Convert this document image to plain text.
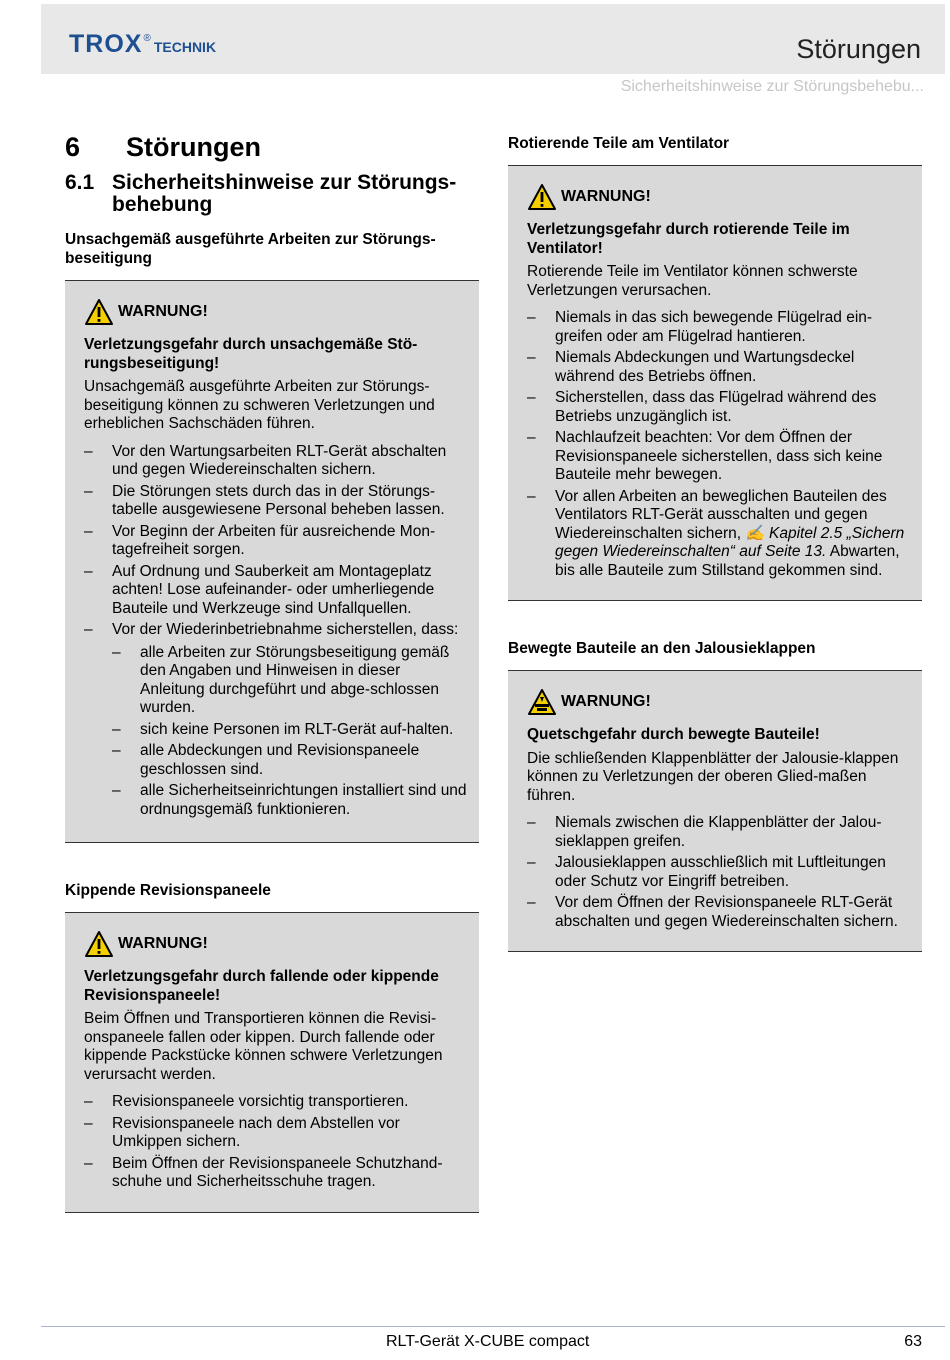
TROX ®
TECHNIK	Störungen
Sicherheitshinweise zur Störungsbehebu...
6	Störungen
6.1 Sicherheitshinweise zur Störungs-behebung
Unsachgemäß ausgeführte Arbeiten zur Störungs-beseitigung
WARNUNG!
Verletzungsgefahr durch unsachgemäße Stö-rungsbeseitigung!
Unsachgemäß ausgeführte Arbeiten zur Störungs-beseitigung können zu schweren Verletzungen und erheblichen Sachschäden führen.
–	Vor den Wartungsarbeiten RLT-Gerät abschalten und gegen Wiedereinschalten sichern.
–	Die Störungen stets durch das in der Störungs-tabelle ausgewiesene Personal beheben lassen.
–	Vor Beginn der Arbeiten für ausreichende Mon-tagefreiheit sorgen.
–	Auf Ordnung und Sauberkeit am Montageplatz achten! Lose aufeinander- oder umherliegende Bauteile und Werkzeuge sind Unfallquellen.
–	Vor der Wiederinbetriebnahme sicherstellen, dass:
–	alle Arbeiten zur Störungsbeseitigung gemäß den Angaben und Hinweisen in dieser Anleitung durchgeführt und abge-schlossen wurden.
–	sich keine Personen im RLT-Gerät auf-halten.
–	alle Abdeckungen und Revisionspaneele geschlossen sind.
–	alle Sicherheitseinrichtungen installiert sind und ordnungsgemäß funktionieren.
Kippende Revisionspaneele
WARNUNG!
Verletzungsgefahr durch fallende oder kippende Revisionspaneele!
Beim Öffnen und Transportieren können die Revisi-onspaneele fallen oder kippen. Durch fallende oder kippende Packstücke können schwere Verletzungen verursacht werden.
–	Revisionspaneele vorsichtig transportieren.
–	Revisionspaneele nach dem Abstellen vor Umkippen sichern.
–	Beim Öffnen der Revisionspaneele Schutzhand-schuhe und Sicherheitsschuhe tragen.
Rotierende Teile am Ventilator
WARNUNG!
Verletzungsgefahr durch rotierende Teile im Ventilator!
Rotierende Teile im Ventilator können schwerste Verletzungen verursachen.
–	Niemals in das sich bewegende Flügelrad ein-greifen oder am Flügelrad hantieren.
–	Niemals Abdeckungen und Wartungsdeckel während des Betriebs öffnen.
–	Sicherstellen, dass das Flügelrad während des Betriebs unzugänglich ist.
–	Nachlaufzeit beachten: Vor dem Öffnen der Revisionspaneele sicherstellen, dass sich keine Bauteile mehr bewegen.
–	Vor allen Arbeiten an beweglichen Bauteilen des Ventilators RLT-Gerät ausschalten und gegen Wiedereinschalten sichern, ✍ Kapitel 2.5 „Sichern gegen Wiedereinschalten“ auf Seite 13. Abwarten, bis alle Bauteile zum Stillstand gekommen sind.
Bewegte Bauteile an den Jalousieklappen
WARNUNG!
Quetschgefahr durch bewegte Bauteile!
Die schließenden Klappenblätter der Jalousie-klappen können zu Verletzungen der oberen Glied-maßen führen.
–	Niemals zwischen die Klappenblätter der Jalou-sieklappen greifen.
–	Jalousieklappen ausschließlich mit Luftleitungen oder Schutz vor Eingriff betreiben.
–	Vor dem Öffnen der Revisionspaneele RLT-Gerät abschalten und gegen Wiedereinschalten sichern.
RLT-Gerät X-CUBE compact	63
